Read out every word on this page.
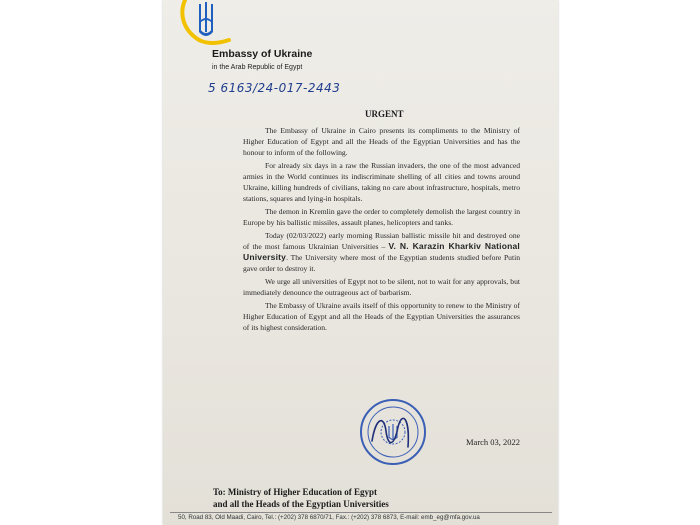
Embassy of Ukraine
in the Arab Republic of Egypt
5 6163/24-017-2443
URGENT

The Embassy of Ukraine in Cairo presents its compliments to the Ministry of Higher Education of Egypt and all the Heads of the Egyptian Universities and has the honour to inform of the following.

For already six days in a raw the Russian invaders, the one of the most advanced armies in the World continues its indiscriminate shelling of all cities and towns around Ukraine, killing hundreds of civilians, taking no care about infrastructure, hospitals, metro stations, squares and lying-in hospitals.

The demon in Kremlin gave the order to completely demolish the largest country in Europe by his ballistic missiles, assault planes, helicopters and tanks.

Today (02/03/2022) early morning Russian ballistic missile hit and destroyed one of the most famous Ukrainian Universities – V. N. Karazin Kharkiv National University. The University where most of the Egyptian students studied before Putin gave order to destroy it.

We urge all universities of Egypt not to be silent, not to wait for any approvals, but immediately denounce the outrageous act of barbarism.

The Embassy of Ukraine avails itself of this opportunity to renew to the Ministry of Higher Education of Egypt and all the Heads of the Egyptian Universities the assurances of its highest consideration.

March 03, 2022
To: Ministry of Higher Education of Egypt
and all the Heads of the Egyptian Universities
50, Road 83, Old Maadi, Cairo, Tel.: (+202) 378 6870/71, Fax.: (+202) 378 6873, E-mail: emb_eg@mfa.gov.ua
